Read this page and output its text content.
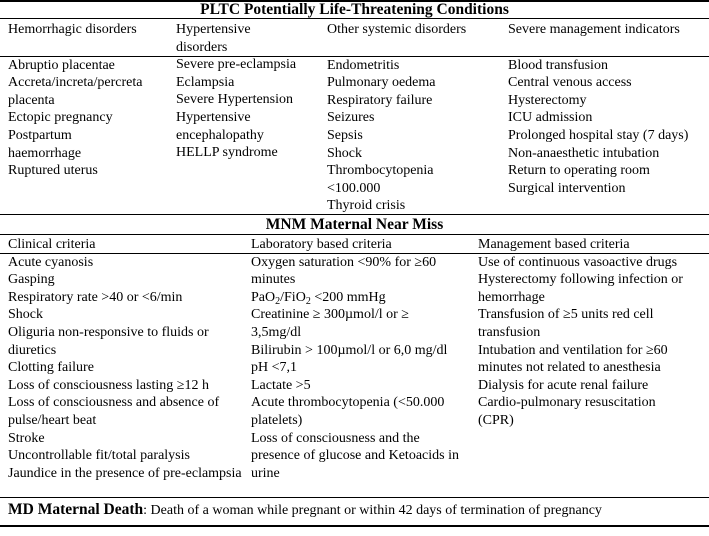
PLTC Potentially Life-Threatening Conditions
Hemorrhagic disorders
Abruptio placentae
Accreta/increta/percreta placenta
Ectopic pregnancy
Postpartum haemorrhage
Ruptured uterus
Hypertensive disorders
Severe pre-eclampsia
Eclampsia
Severe Hypertension
Hypertensive encephalopathy
HELLP syndrome
Other systemic disorders
Endometritis
Pulmonary oedema
Respiratory failure
Seizures
Sepsis
Shock
Thrombocytopenia <100.000
Thyroid crisis
Severe management indicators
Blood transfusion
Central venous access
Hysterectomy
ICU admission
Prolonged hospital stay (7 days)
Non-anaesthetic intubation
Return to operating room
Surgical intervention
MNM Maternal Near Miss
Clinical criteria
Acute cyanosis
Gasping
Respiratory rate >40 or <6/min
Shock
Oliguria non-responsive to fluids or diuretics
Clotting failure
Loss of consciousness lasting ≥12 h
Loss of consciousness and absence of pulse/heart beat
Stroke
Uncontrollable fit/total paralysis
Jaundice in the presence of pre-eclampsia
Laboratory based criteria
Oxygen saturation <90% for ≥60 minutes
PaO$_2$/FiO$_2$ <200 mmHg
Creatinine ≥ 300µmol/l or ≥ 3,5mg/dl
Bilirubin > 100µmol/l or 6,0 mg/dl
pH <7,1
Lactate >5
Acute thrombocytopenia (<50.000 platelets)
Loss of consciousness and the presence of glucose and Ketoacids in urine
Management based criteria
Use of continuous vasoactive drugs
Hysterectomy following infection or hemorrhage
Transfusion of ≥5 units red cell transfusion
Intubation and ventilation for ≥60 minutes not related to anesthesia
Dialysis for acute renal failure
Cardio-pulmonary resuscitation (CPR)
MD Maternal Death: Death of a woman while pregnant or within 42 days of termination of pregnancy
